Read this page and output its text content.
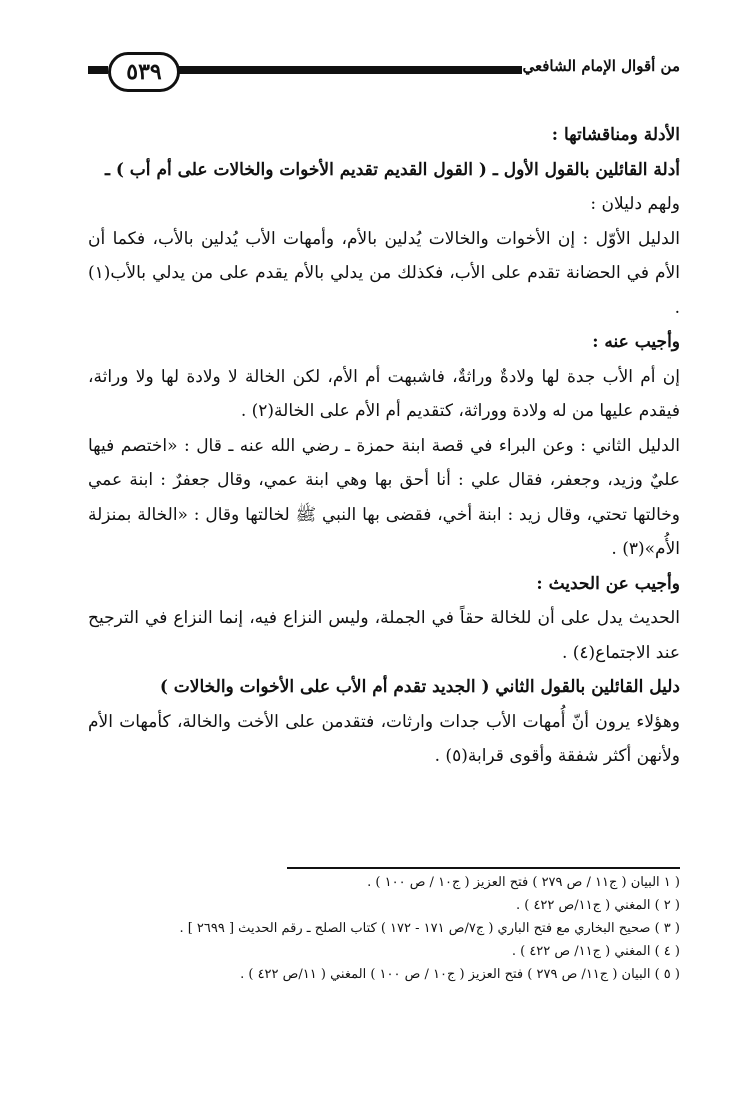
من أقوال الإمام الشافعي
٥٣٩

الأدلة ومناقشاتها :

أدلة القائلين بالقول الأول ـ ( القول القديم تقديم الأخوات والخالات على أم أب ) ـ

ولهم دليلان :

الدليل الأوّل : إن الأخوات والخالات يُدلين بالأم، وأمهات الأب يُدلين بالأب، فكما أن الأم في الحضانة تقدم على الأب، فكذلك من يدلي بالأم يقدم على من يدلي بالأب(١) .

وأجيب عنه :

إن أم الأب جدة لها ولادةٌ وراثةٌ، فاشبهت أم الأم، لكن الخالة لا ولادة لها ولا وراثة، فيقدم عليها من له ولادة ووراثة، كتقديم أم الأم على الخالة(٢) .

الدليل الثاني : وعن البراء في قصة ابنة حمزة ـ رضي الله عنه ـ قال : «اختصم فيها عليٌ وزيد، وجعفر، فقال علي : أنا أحق بها وهي ابنة عمي، وقال جعفرٌ : ابنة عمي وخالتها تحتي، وقال زيد : ابنة أخي، فقضى بها النبي ﷺ لخالتها وقال : «الخالة بمنزلة الأُم»(٣) .

وأجيب عن الحديث :

الحديث يدل على أن للخالة حقاً في الجملة، وليس النزاع فيه، إنما النزاع في الترجيح عند الاجتماع(٤) .

دليل القائلين بالقول الثاني ( الجديد تقدم أم الأب على الأخوات والخالات )

وهؤلاء يرون أنّ أُمهات الأب جدات وارثات، فتقدمن على الأخت والخالة، كأمهات الأم ولأنهن أكثر شفقة وأقوى قرابة(٥) .

( ١ البيان ( ج١١ / ص ٢٧٩ ) فتح العزيز ( ج١٠ / ص ١٠٠ ) .

( ٢ ) المغني ( ج١١/ص ٤٢٢ ) .

( ٣ ) صحيح البخاري مع فتح الباري ( ج٧/ص ١٧١ - ١٧٢ ) كتاب الصلح ـ رقم الحديث [ ٢٦٩٩ ] .

( ٤ ) المغني ( ج١١/ ص ٤٢٢ ) .

( ٥ ) البيان ( ج١١/ ص ٢٧٩ ) فتح العزيز ( ج١٠ / ص ١٠٠ ) المغني ( ١١/ص ٤٢٢ ) .
